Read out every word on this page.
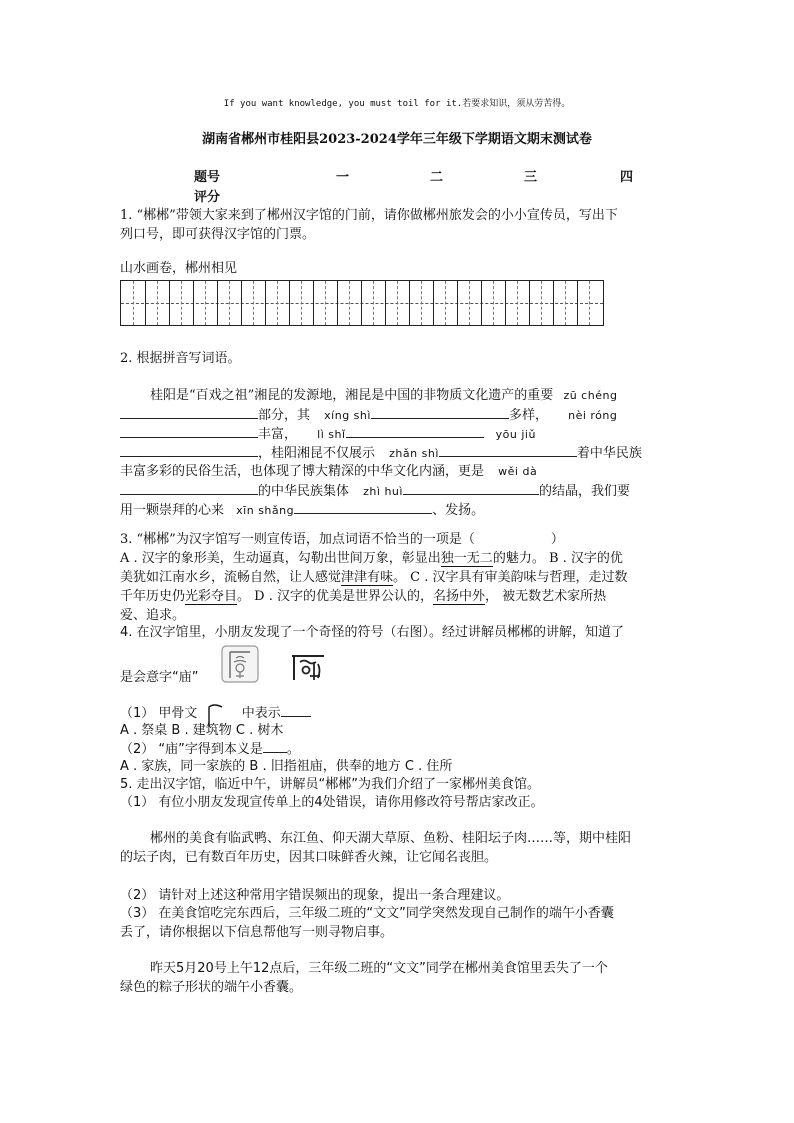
If you want knowledge, you must toil for it.若要求知识，须从劳苦得。
湖南省郴州市桂阳县2023-2024学年三年级下学期语文期末测试卷
题号	一	二	三	四
评分
1. “郴郴”带领大家来到了郴州汉字馆的门前，请你做郴州旅发会的小小宣传员，写出下
列口号，即可获得汉字馆的门票。
山水画卷，郴州相见
2. 根据拼音写词语。
桂阳是“百戏之祖”湘昆的发源地，湘昆是中国的非物质文化遗产的重要 zū chéng
部分，其 xíng shì	多样， nèi róng
丰富， lì shǐ	yōu jiǔ
，桂阳湘昆不仅展示 zhǎn shì	着中华民族
丰富多彩的民俗生活，也体现了博大精深的中华文化内涵，更是 wěi dà
的中华民族集体 zhì huì	的结晶，我们要
用一颗崇拜的心来 xīn shǎng	、发扬。
3. “郴郴”为汉字馆写一则宣传语，加点词语不恰当的一项是（	）
A . 汉字的象形美，生动逼真，勾勒出世间万象，彰显出独一无二的魅力。 B . 汉字的优
美犹如江南水乡，流畅自然，让人感觉津津有味。 C . 汉字具有审美韵味与哲理，走过数
千年历史仍光彩夺目。 D . 汉字的优美是世界公认的，名扬中外， 被无数艺术家所热
爱、追求。
4. 在汉字馆里，小朋友发现了一个奇怪的符号（右图）。经过讲解员郴郴的讲解，知道了
是会意字“庙”
（1） 甲骨文	中表示
A . 祭桌 B . 建筑物 C . 树木
（2） “庙”字得到本义是 。
A . 家族，同一家族的 B . 旧指祖庙，供奉的地方 C . 住所
5. 走出汉字馆，临近中午，讲解员“郴郴”为我们介绍了一家郴州美食馆。
（1） 有位小朋友发现宣传单上的4处错误，请你用修改符号帮店家改正。
郴州的美食有临武鸭、东江鱼、仰天湖大草原、鱼粉、桂阳坛子肉……等，期中桂阳
的坛子肉，已有数百年历史，因其口味鲜香火辣，让它闻名丧胆。
（2） 请针对上述这种常用字错误频出的现象，提出一条合理建议。
（3） 在美食馆吃完东西后，三年级二班的“文文”同学突然发现自己制作的端午小香囊
丢了，请你根据以下信息帮他写一则寻物启事。
昨天5月20号上午12点后，三年级二班的“文文”同学在郴州美食馆里丢失了一个
绿色的粽子形状的端午小香囊。
